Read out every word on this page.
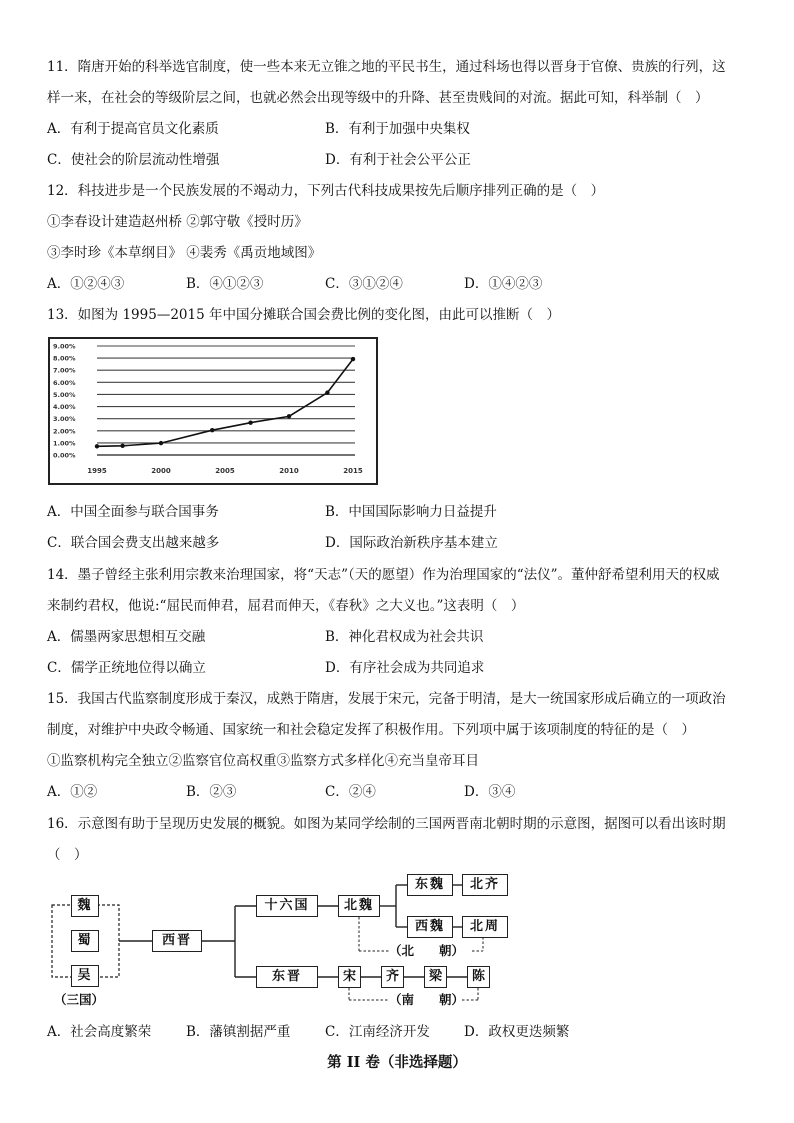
11．隋唐开始的科举选官制度，使一些本来无立锥之地的平民书生，通过科场也得以晋身于官僚、贵族的行列，这
样一来，在社会的等级阶层之间，也就必然会出现等级中的升降、甚至贵贱间的对流。据此可知，科举制（　）
A．有利于提高官员文化素质	B．有利于加强中央集权
C．使社会的阶层流动性增强	D．有利于社会公平公正
12．科技进步是一个民族发展的不竭动力，下列古代科技成果按先后顺序排列正确的是（　）
①李春设计建造赵州桥 ②郭守敬《授时历》
③李时珍《本草纲目》 ④裴秀《禹贡地域图》
A．①②④③	B．④①②③	C．③①②④	D．①④②③
13．如图为 1995—2015 年中国分摊联合国会费比例的变化图，由此可以推断（　）
9.00%
8.00%
7.00%
6.00%
5.00%
4.00%
3.00%
2.00%
1.00%
0.00%
1995	2000	2005	2010	2015
A．中国全面参与联合国事务	B．中国国际影响力日益提升
C．联合国会费支出越来越多	D．国际政治新秩序基本建立
14．墨子曾经主张利用宗教来治理国家，将“天志”（天的愿望）作为治理国家的“法仪”。董仲舒希望利用天的权威
来制约君权，他说:“屈民而伸君，屈君而伸天，《春秋》之大义也。”这表明（　）
A．儒墨两家思想相互交融	B．神化君权成为社会共识
C．儒学正统地位得以确立	D．有序社会成为共同追求
15．我国古代监察制度形成于秦汉，成熟于隋唐，发展于宋元，完备于明清，是大一统国家形成后确立的一项政治
制度，对维护中央政令畅通、国家统一和社会稳定发挥了积极作用。下列项中属于该项制度的特征的是（　）
①监察机构完全独立②监察官位高权重③监察方式多样化④充当皇帝耳目
A．①②	B．②③	C．②④	D．③④
16．示意图有助于呈现历史发展的概貌。如图为某同学绘制的三国两晋南北朝时期的示意图，据图可以看出该时期
（　）
魏
蜀
吴
（三国）
西晋
十六国	北魏
东魏	北齐
西魏	北周
（北　　朝）
东晋	宋	齐	梁	陈
（南　　朝）
A．社会高度繁荣	B．藩镇割据严重	C．江南经济开发	D．政权更迭频繁
第 II 卷（非选择题）
